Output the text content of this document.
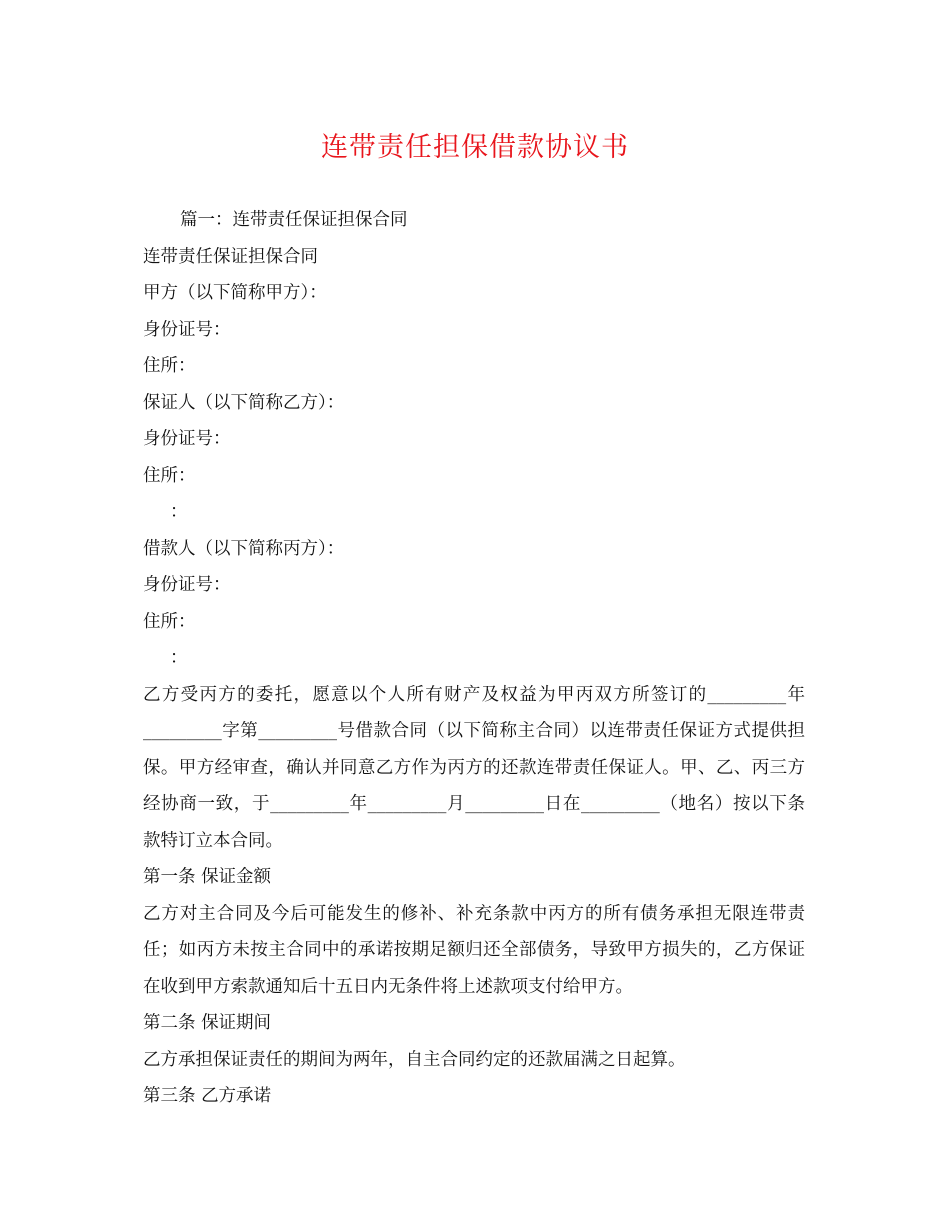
连带责任担保借款协议书
篇一：连带责任保证担保合同
连带责任保证担保合同
甲方（以下简称甲方）：
身份证号：
住所：
保证人（以下简称乙方）：
身份证号：
住所：
：
借款人（以下简称丙方）：
身份证号：
住所：
：
乙方受丙方的委托，愿意以个人所有财产及权益为甲丙双方所签订的_________年_________字第_________号借款合同（以下简称主合同）以连带责任保证方式提供担保。甲方经审查，确认并同意乙方作为丙方的还款连带责任保证人。甲、乙、丙三方经协商一致，于_________年_________月_________日在_________（地名）按以下条款特订立本合同。
第一条 保证金额
乙方对主合同及今后可能发生的修补、补充条款中丙方的所有债务承担无限连带责任；如丙方未按主合同中的承诺按期足额归还全部债务，导致甲方损失的，乙方保证在收到甲方索款通知后十五日内无条件将上述款项支付给甲方。
第二条 保证期间
乙方承担保证责任的期间为两年，自主合同约定的还款届满之日起算。
第三条 乙方承诺
